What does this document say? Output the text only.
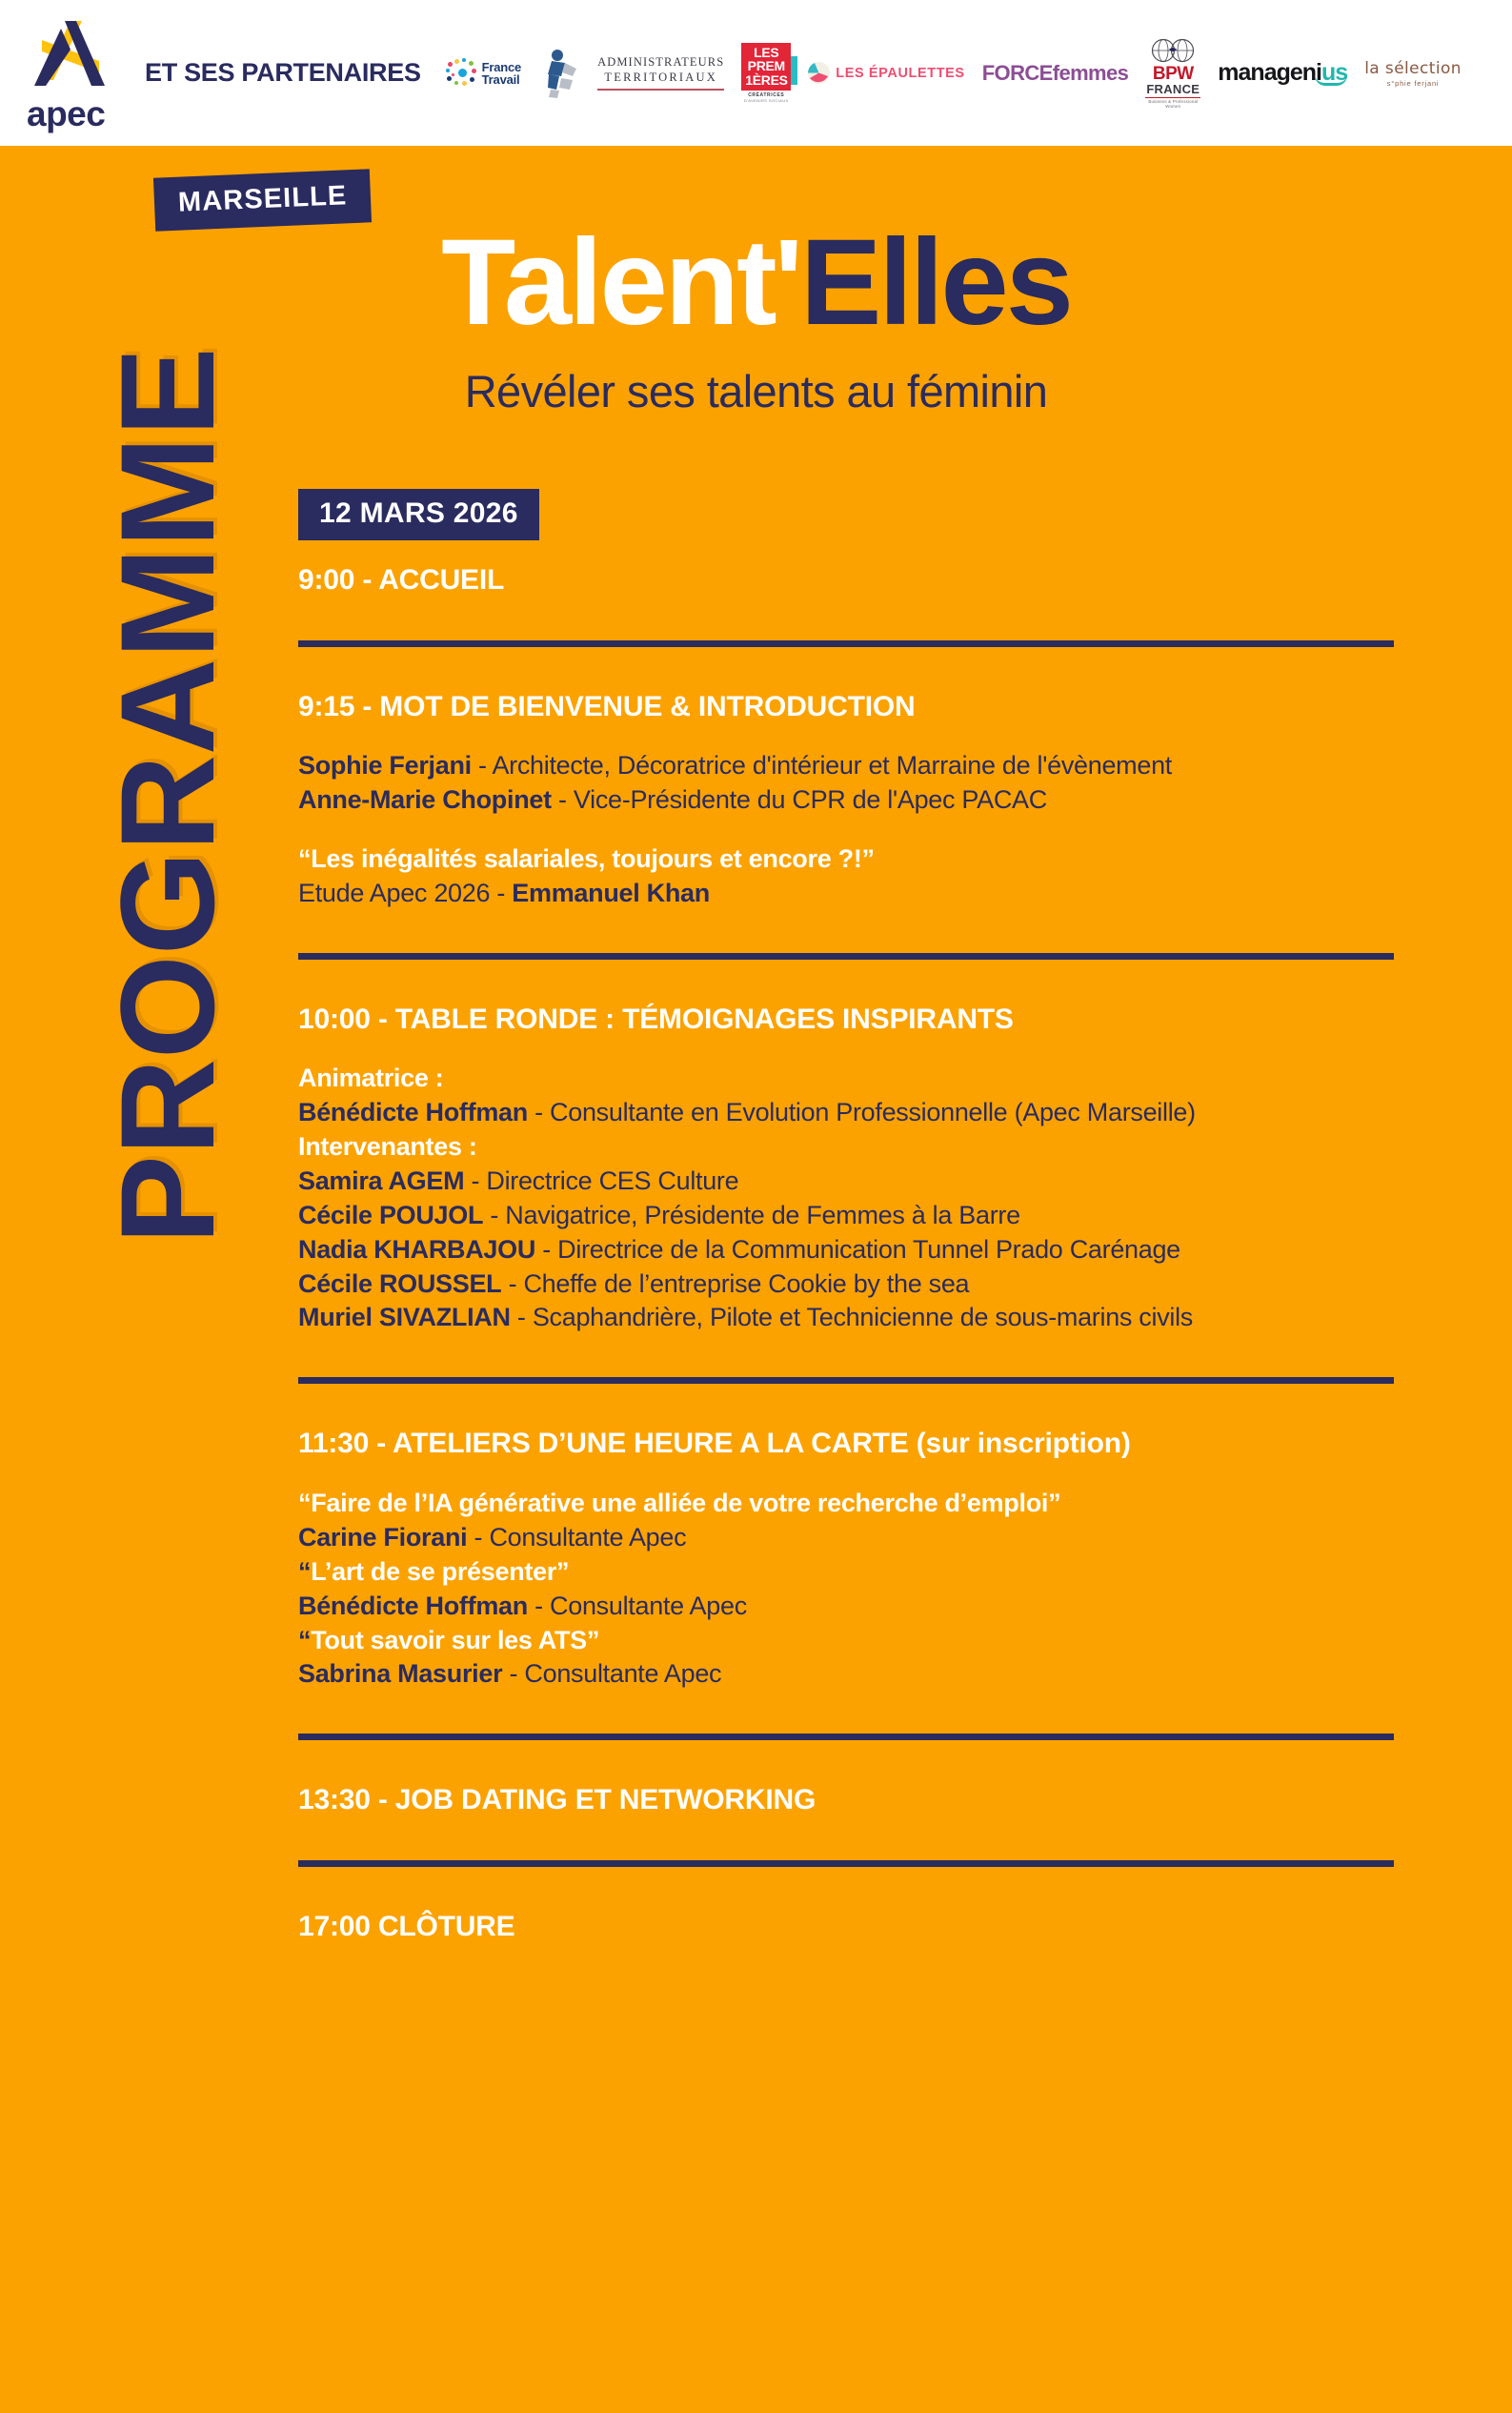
apec
ET SES PARTENAIRES	France
Travail
ADMINISTRATEURS
TERRITORIAUX
LES
PREM
1ÈRES
CRÉATRICES
D'AVENIRS SOCIAUX
LES ÉPAULETTES FORCEfemmes	BPW
FRANCE
Business & Professional Women
managenius la sélection
s°phie ferjani
MARSEILLE
Talent'Elles
Révéler ses talents au féminin
PROGRAMME	12 MARS 2026
9:00 - ACCUEIL
9:15 - MOT DE BIENVENUE & INTRODUCTION
Sophie Ferjani - Architecte, Décoratrice d'intérieur et Marraine de l'évènement
Anne-Marie Chopinet - Vice-Présidente du CPR de l'Apec PACAC
“Les inégalités salariales, toujours et encore ?!”
Etude Apec 2026 - Emmanuel Khan
10:00 - TABLE RONDE : TÉMOIGNAGES INSPIRANTS
Animatrice :
Bénédicte Hoffman - Consultante en Evolution Professionnelle (Apec Marseille)
Intervenantes :
Samira AGEM - Directrice CES Culture
Cécile POUJOL - Navigatrice, Présidente de Femmes à la Barre
Nadia KHARBAJOU - Directrice de la Communication Tunnel Prado Carénage
Cécile ROUSSEL - Cheffe de l’entreprise Cookie by the sea
Muriel SIVAZLIAN - Scaphandrière, Pilote et Technicienne de sous-marins civils
11:30 - ATELIERS D’UNE HEURE A LA CARTE (sur inscription)
“Faire de l’IA générative une alliée de votre recherche d’emploi”
Carine Fiorani - Consultante Apec
“L’art de se présenter”
Bénédicte Hoffman - Consultante Apec
“Tout savoir sur les ATS”
Sabrina Masurier - Consultante Apec
13:30 - JOB DATING ET NETWORKING
17:00 CLÔTURE
